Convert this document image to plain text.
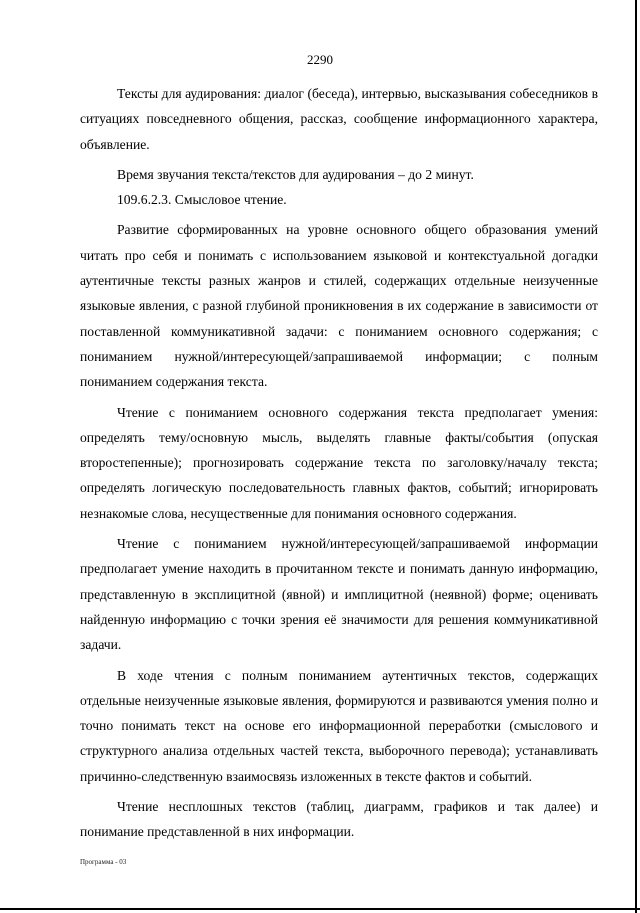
2290

Тексты для аудирования: диалог (беседа), интервью, высказывания собеседников в ситуациях повседневного общения, рассказ, сообщение информационного характера, объявление.

Время звучания текста/текстов для аудирования – до 2 минут.

109.6.2.3. Смысловое чтение.

Развитие сформированных на уровне основного общего образования умений читать про себя и понимать с использованием языковой и контекстуальной догадки аутентичные тексты разных жанров и стилей, содержащих отдельные неизученные языковые явления, с разной глубиной проникновения в их содержание в зависимости от поставленной коммуникативной задачи: с пониманием основного содержания; с пониманием нужной/интересующей/запрашиваемой информации; с полным пониманием содержания текста.

Чтение с пониманием основного содержания текста предполагает умения: определять тему/основную мысль, выделять главные факты/события (опуская второстепенные); прогнозировать содержание текста по заголовку/началу текста; определять логическую последовательность главных фактов, событий; игнорировать незнакомые слова, несущественные для понимания основного содержания.

Чтение с пониманием нужной/интересующей/запрашиваемой информации предполагает умение находить в прочитанном тексте и понимать данную информацию, представленную в эксплицитной (явной) и имплицитной (неявной) форме; оценивать найденную информацию с точки зрения её значимости для решения коммуникативной задачи.

В ходе чтения с полным пониманием аутентичных текстов, содержащих отдельные неизученные языковые явления, формируются и развиваются умения полно и точно понимать текст на основе его информационной переработки (смыслового и структурного анализа отдельных частей текста, выборочного перевода); устанавливать причинно-следственную взаимосвязь изложенных в тексте фактов и событий.

Чтение несплошных текстов (таблиц, диаграмм, графиков и так далее) и понимание представленной в них информации.

Программа - 03
